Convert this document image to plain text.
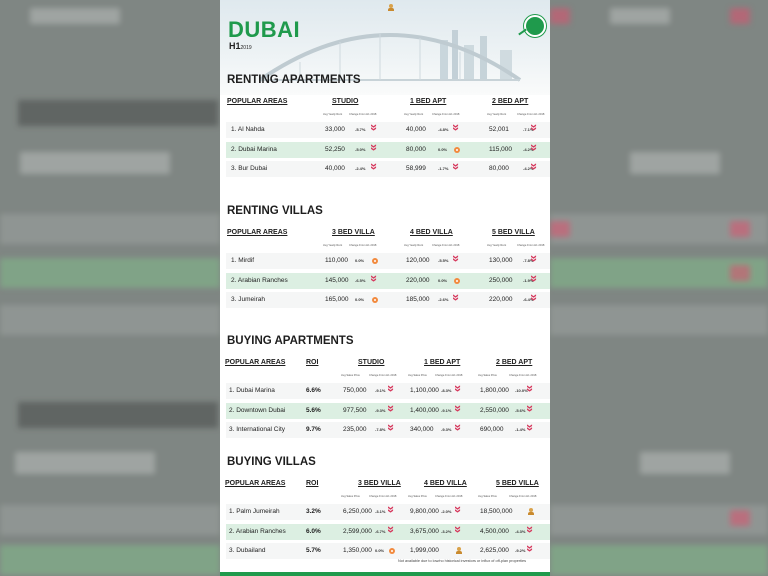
DUBAI
H12019
RENTING APARTMENTS
POPULAR AREAS	STUDIO
Avg Yearly Rent	Change From H1 2018
1 BED APT
Avg Yearly Rent	Change From H1 2018
2 BED APT
Avg Yearly Rent	Change From H1 2018
1. Al Nahda	33,000	-5.7% »	40,000	-4.8% »	52,001	-7.1%
»
2. Dubai Marina	52,250	-5.0% »	80,000	0.0%	115,000	-4.2%
»
3. Bur Dubai	40,000	-2.4% »	58,999	-1.7% »	80,000	-4.2%
»
RENTING VILLAS
POPULAR AREAS	3 BED VILLA
Avg Yearly Rent	Change From H1 2018
4 BED VILLA
Avg Yearly Rent	Change From H1 2018
5 BED VILLA
Avg Yearly Rent	Change From H1 2018
1. Mirdif	110,000 0.0%	120,000 -5.5% »	130,000	-7.8%
»
2. Arabian Ranches	145,000 -6.5% »	220,000 0.0%	250,000	-1.9%
»
3. Jumeirah	165,000 0.0%	185,000 -2.6% »	220,000	-6.4%
»
BUYING APARTMENTS
POPULAR AREAS	ROI	STUDIO
Avg Sales Price	Change From H1 2018
1 BED APT
Avg Sales Price	Change From H1 2018
2 BED APT
Avg Sales Price	Change From H1 2018
1. Dubai Marina	6.6%	750,000 -9.1% »	1,100,000 -8.3% »	1,800,000 -10.0%
»
2. Downtown Dubai	5.6%	977,500 -9.3% »	1,400,000 -9.1% »	2,550,000 -5.6%
»
3. International City	9.7%	235,000 -7.8% »	340,000 -9.3% »	690,000	-1.4%
»
BUYING VILLAS
POPULAR AREAS	ROI	3 BED VILLA
Avg Sales Price	Change From H1 2018
4 BED VILLA
Avg Sales Price	Change From H1 2018
5 BED VILLA
Avg Sales Price	Change From H1 2018
1. Palm Jumeirah	3.2%	6,250,000 -3.1% »	9,800,000 -2.0% »	18,500,000
2. Arabian Ranches	6.0%	2,599,000 -6.7% »	3,675,000 -3.2% »	4,500,000 -4.3%
»
3. Dubailand	5.7%	1,350,000 0.0%	1,999,000	2,625,000 -9.2%
»
Not available due to low/no historical investors or influx of off-plan properties
